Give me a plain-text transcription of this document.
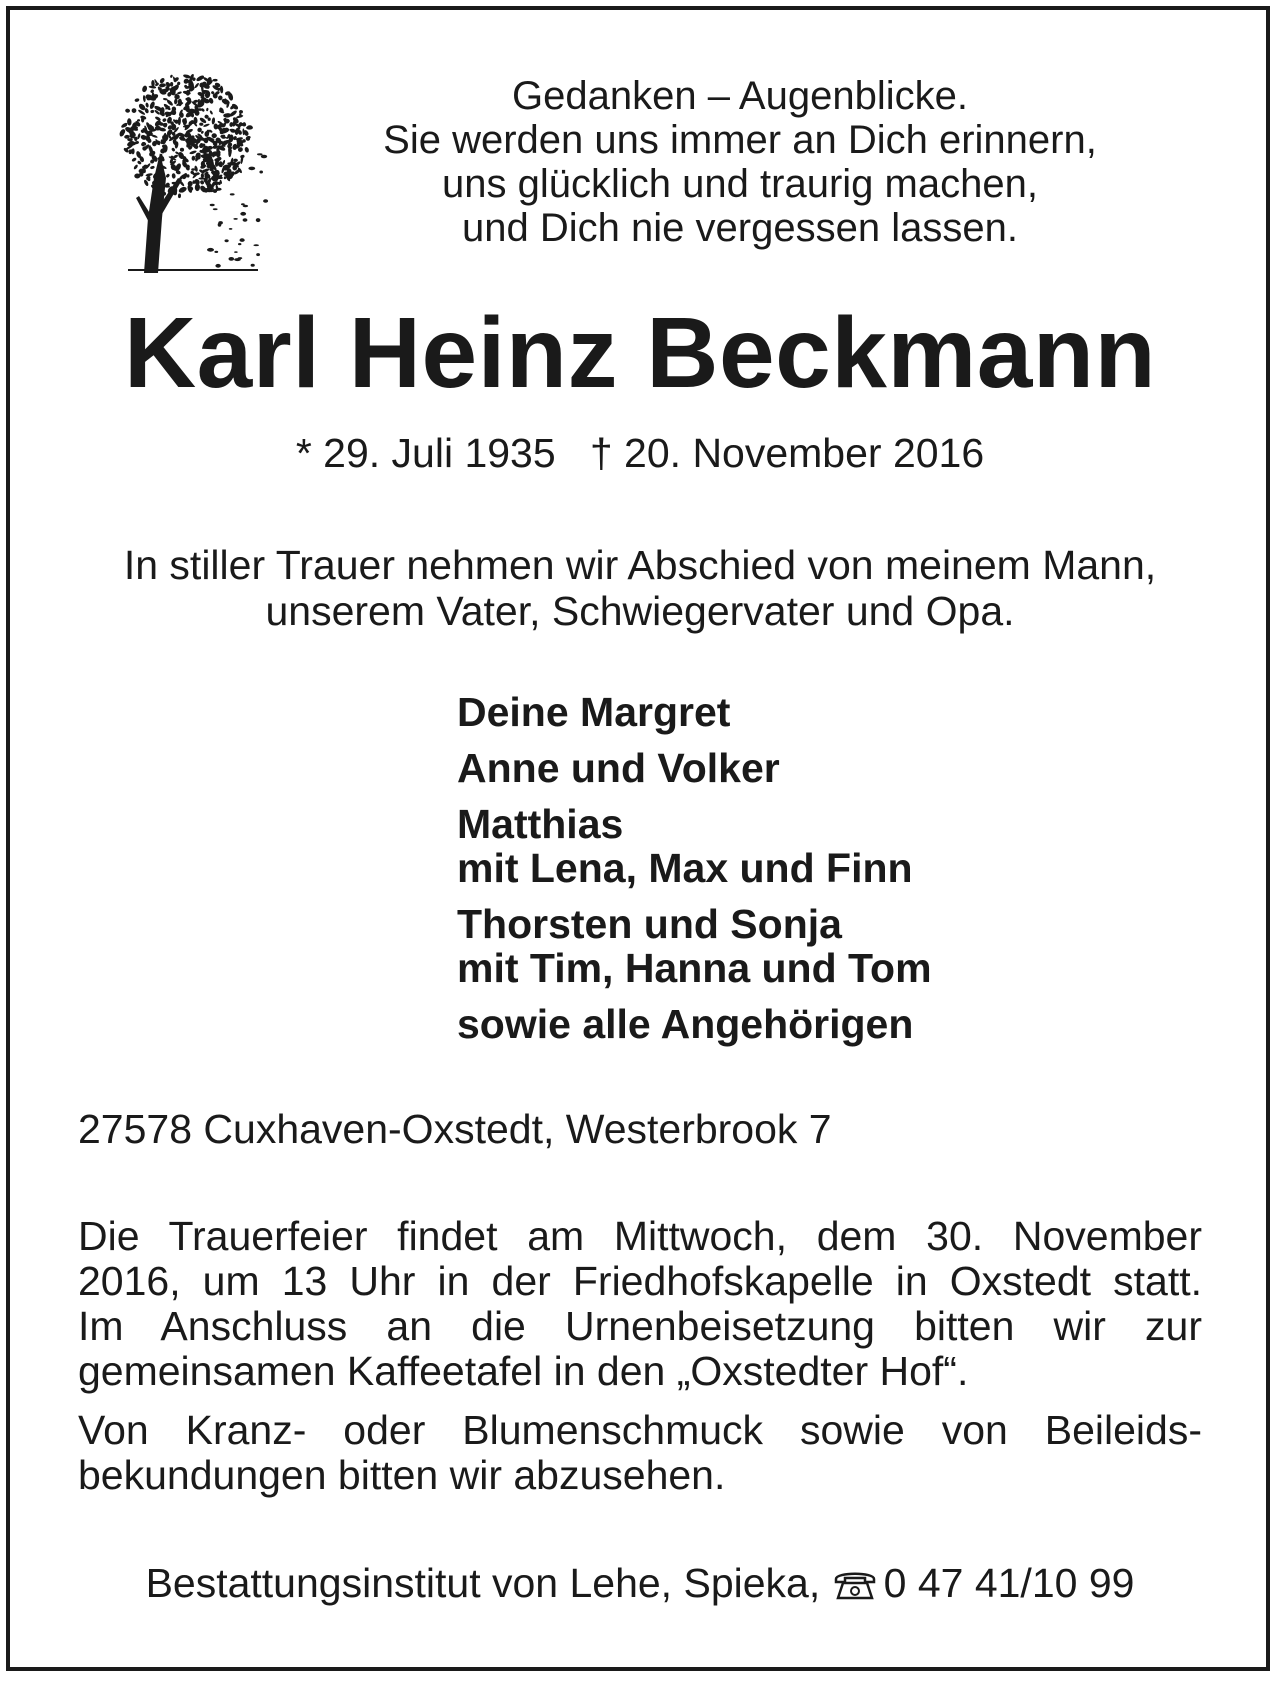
Gedanken – Augenblicke.
Sie werden uns immer an Dich erinnern,
uns glücklich und traurig machen,
und Dich nie vergessen lassen.
Karl Heinz Beckmann
* 29. Juli 1935 † 20. November 2016
In stiller Trauer nehmen wir Abschied von meinem Mann,
unserem Vater, Schwiegervater und Opa.
Deine Margret
Anne und Volker
Matthias
mit Lena, Max und Finn
Thorsten und Sonja
mit Tim, Hanna und Tom
sowie alle Angehörigen
27578 Cuxhaven-Oxstedt, Westerbrook 7

Die Trauerfeier findet am Mittwoch, dem 30. November
2016, um 13 Uhr in der Friedhofskapelle in Oxstedt statt.
Im Anschluss an die Urnenbeisetzung bitten wir zur
gemeinsamen Kaffeetafel in den „Oxstedter Hof“.

Von Kranz- oder Blumenschmuck sowie von Beileids-
bekundungen bitten wir abzusehen.

Bestattungsinstitut von Lehe, Spieka, 0 47 41/10 99
